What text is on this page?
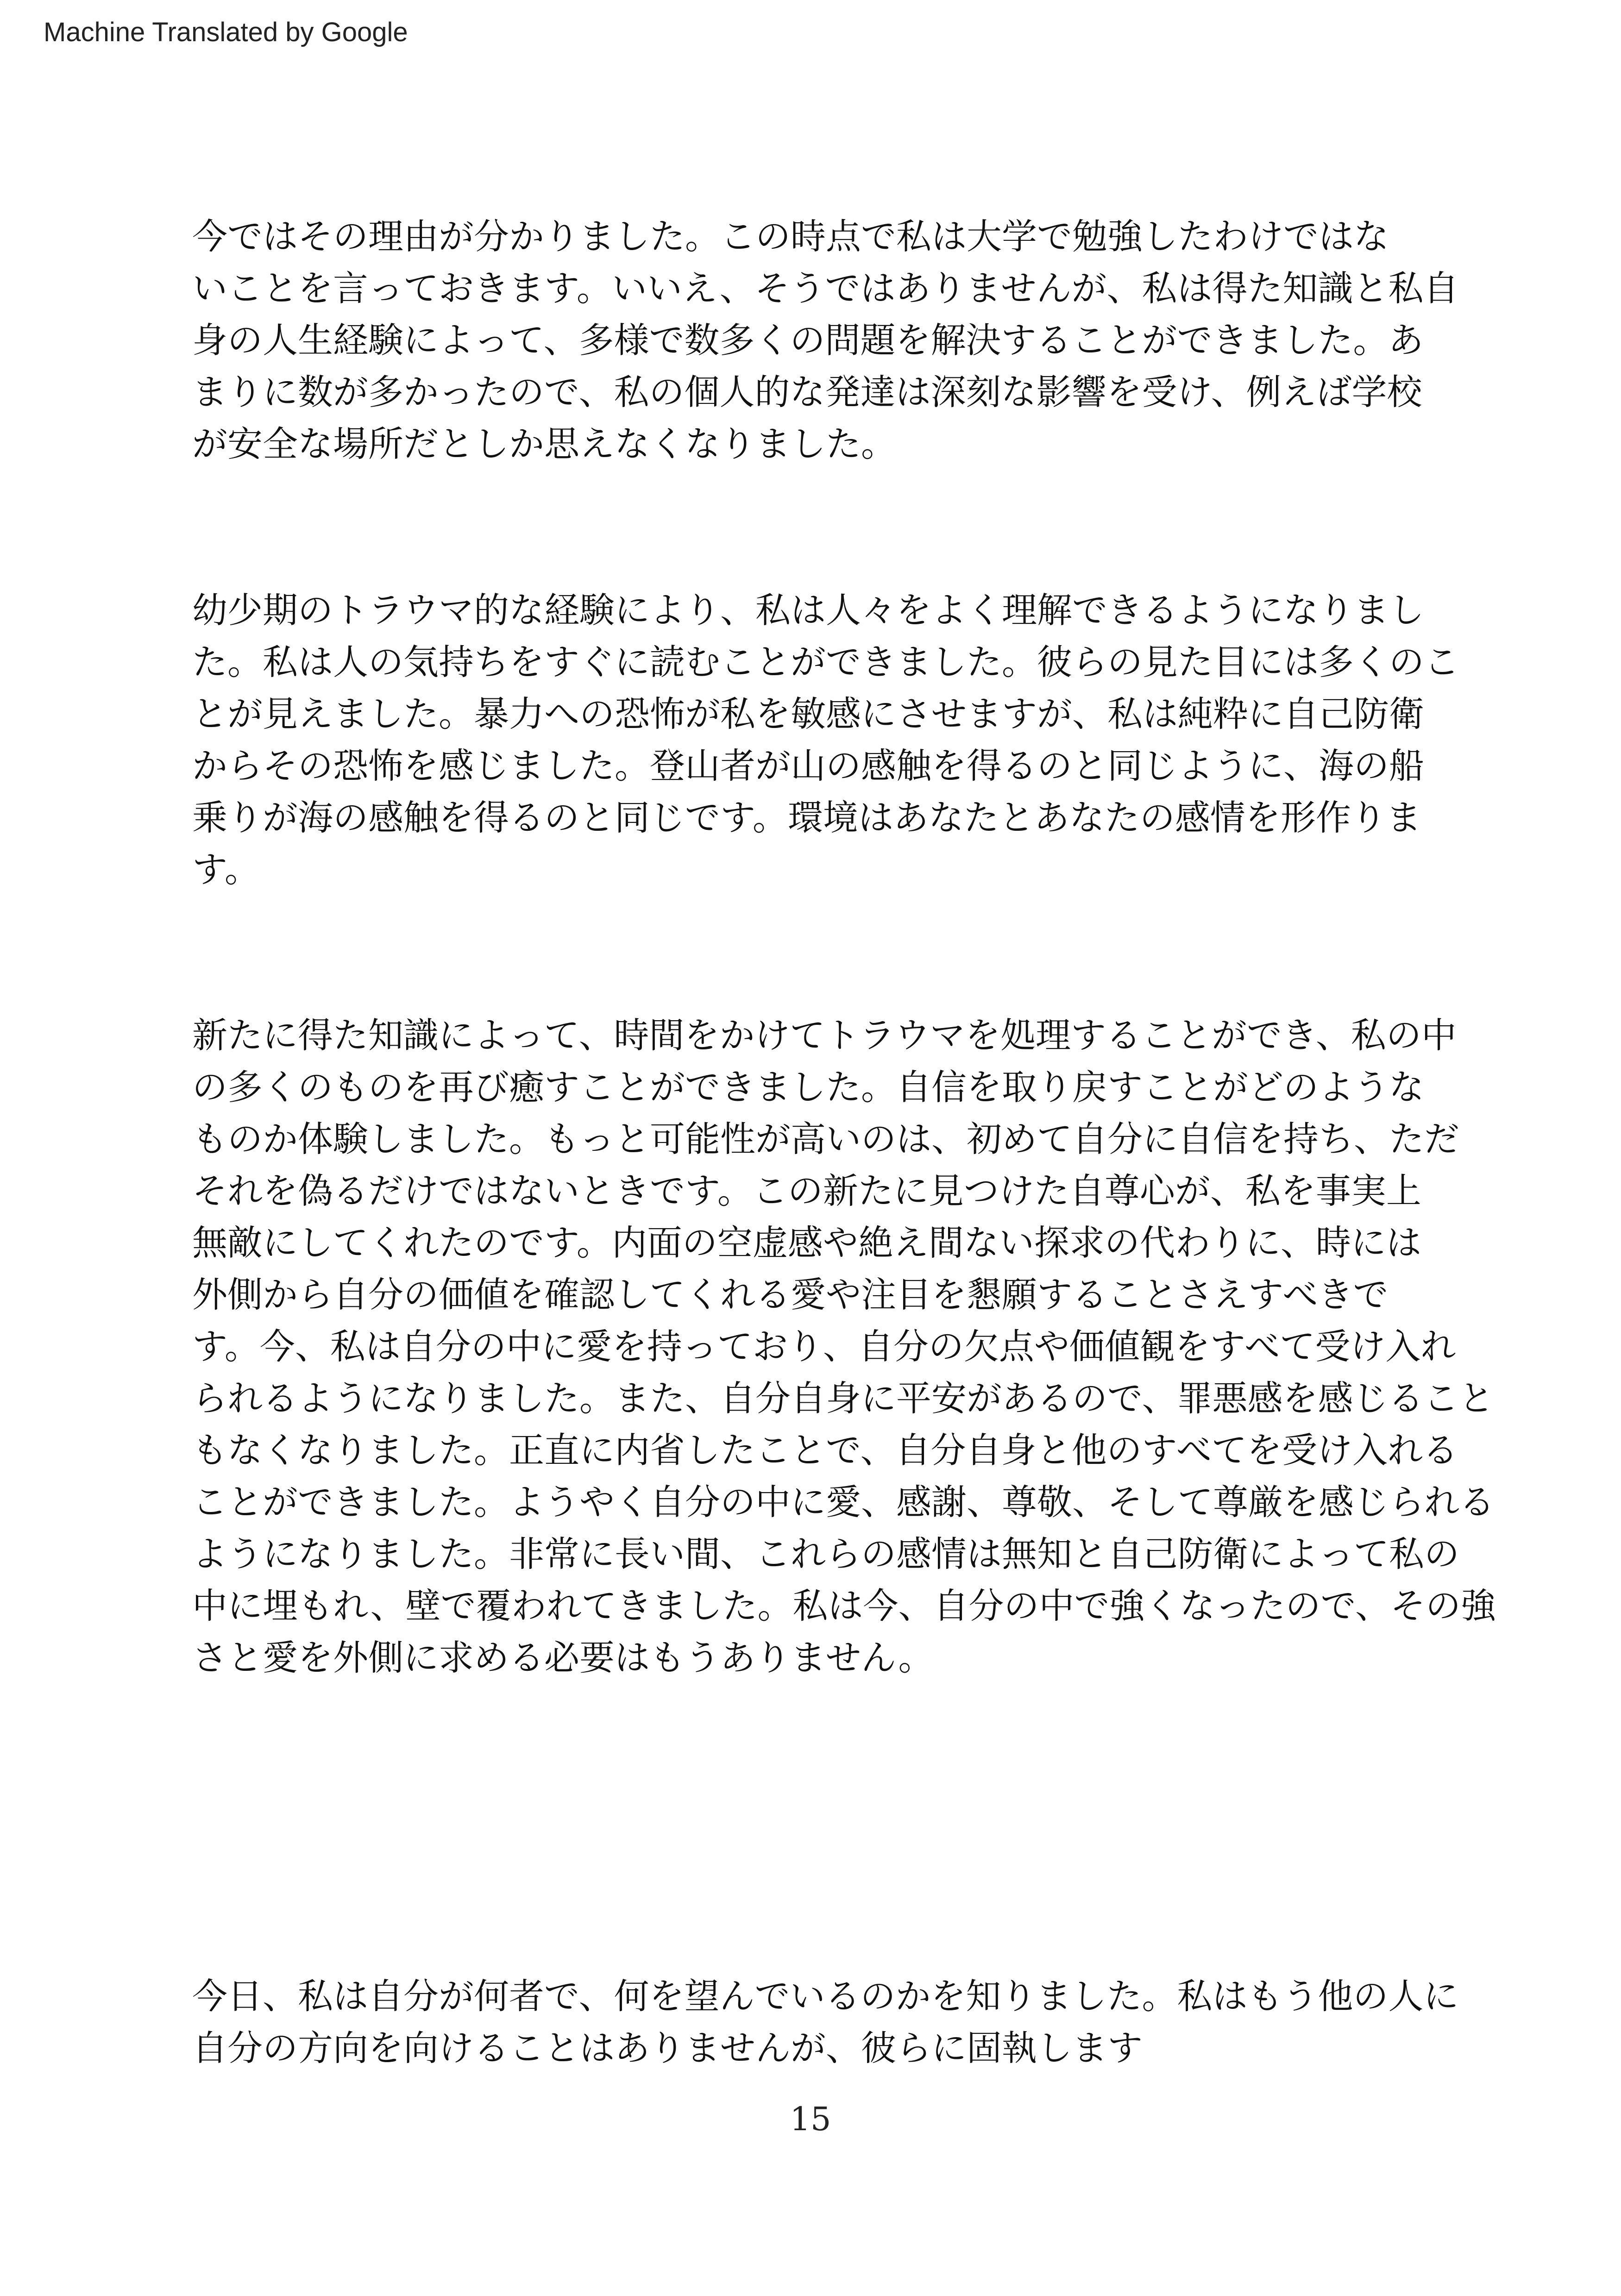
Machine Translated by Google
今ではその理由が分かりました。この時点で私は大学で勉強したわけではな
いことを言っておきます。いいえ、そうではありませんが、私は得た知識と私自
身の人生経験によって、多様で数多くの問題を解決することができました。あ
まりに数が多かったので、私の個人的な発達は深刻な影響を受け、例えば学校
が安全な場所だとしか思えなくなりました。
幼少期のトラウマ的な経験により、私は人々をよく理解できるようになりまし
た。私は人の気持ちをすぐに読むことができました。彼らの見た目には多くのこ
とが見えました。暴力への恐怖が私を敏感にさせますが、私は純粋に自己防衛
からその恐怖を感じました。登山者が山の感触を得るのと同じように、海の船
乗りが海の感触を得るのと同じです。環境はあなたとあなたの感情を形作りま
す。
新たに得た知識によって、時間をかけてトラウマを処理することができ、私の中
の多くのものを再び癒すことができました。自信を取り戻すことがどのような
ものか体験しました。もっと可能性が高いのは、初めて自分に自信を持ち、ただ
それを偽るだけではないときです。この新たに見つけた自尊心が、私を事実上
無敵にしてくれたのです。内面の空虚感や絶え間ない探求の代わりに、時には
外側から自分の価値を確認してくれる愛や注目を懇願することさえすべきで
す。今、私は自分の中に愛を持っており、自分の欠点や価値観をすべて受け入れ
られるようになりました。また、自分自身に平安があるので、罪悪感を感じること
もなくなりました。正直に内省したことで、自分自身と他のすべてを受け入れる
ことができました。ようやく自分の中に愛、感謝、尊敬、そして尊厳を感じられる
ようになりました。非常に長い間、これらの感情は無知と自己防衛によって私の
中に埋もれ、壁で覆われてきました。私は今、自分の中で強くなったので、その強
さと愛を外側に求める必要はもうありません。
今日、私は自分が何者で、何を望んでいるのかを知りました。私はもう他の人に
自分の方向を向けることはありませんが、彼らに固執します
15
